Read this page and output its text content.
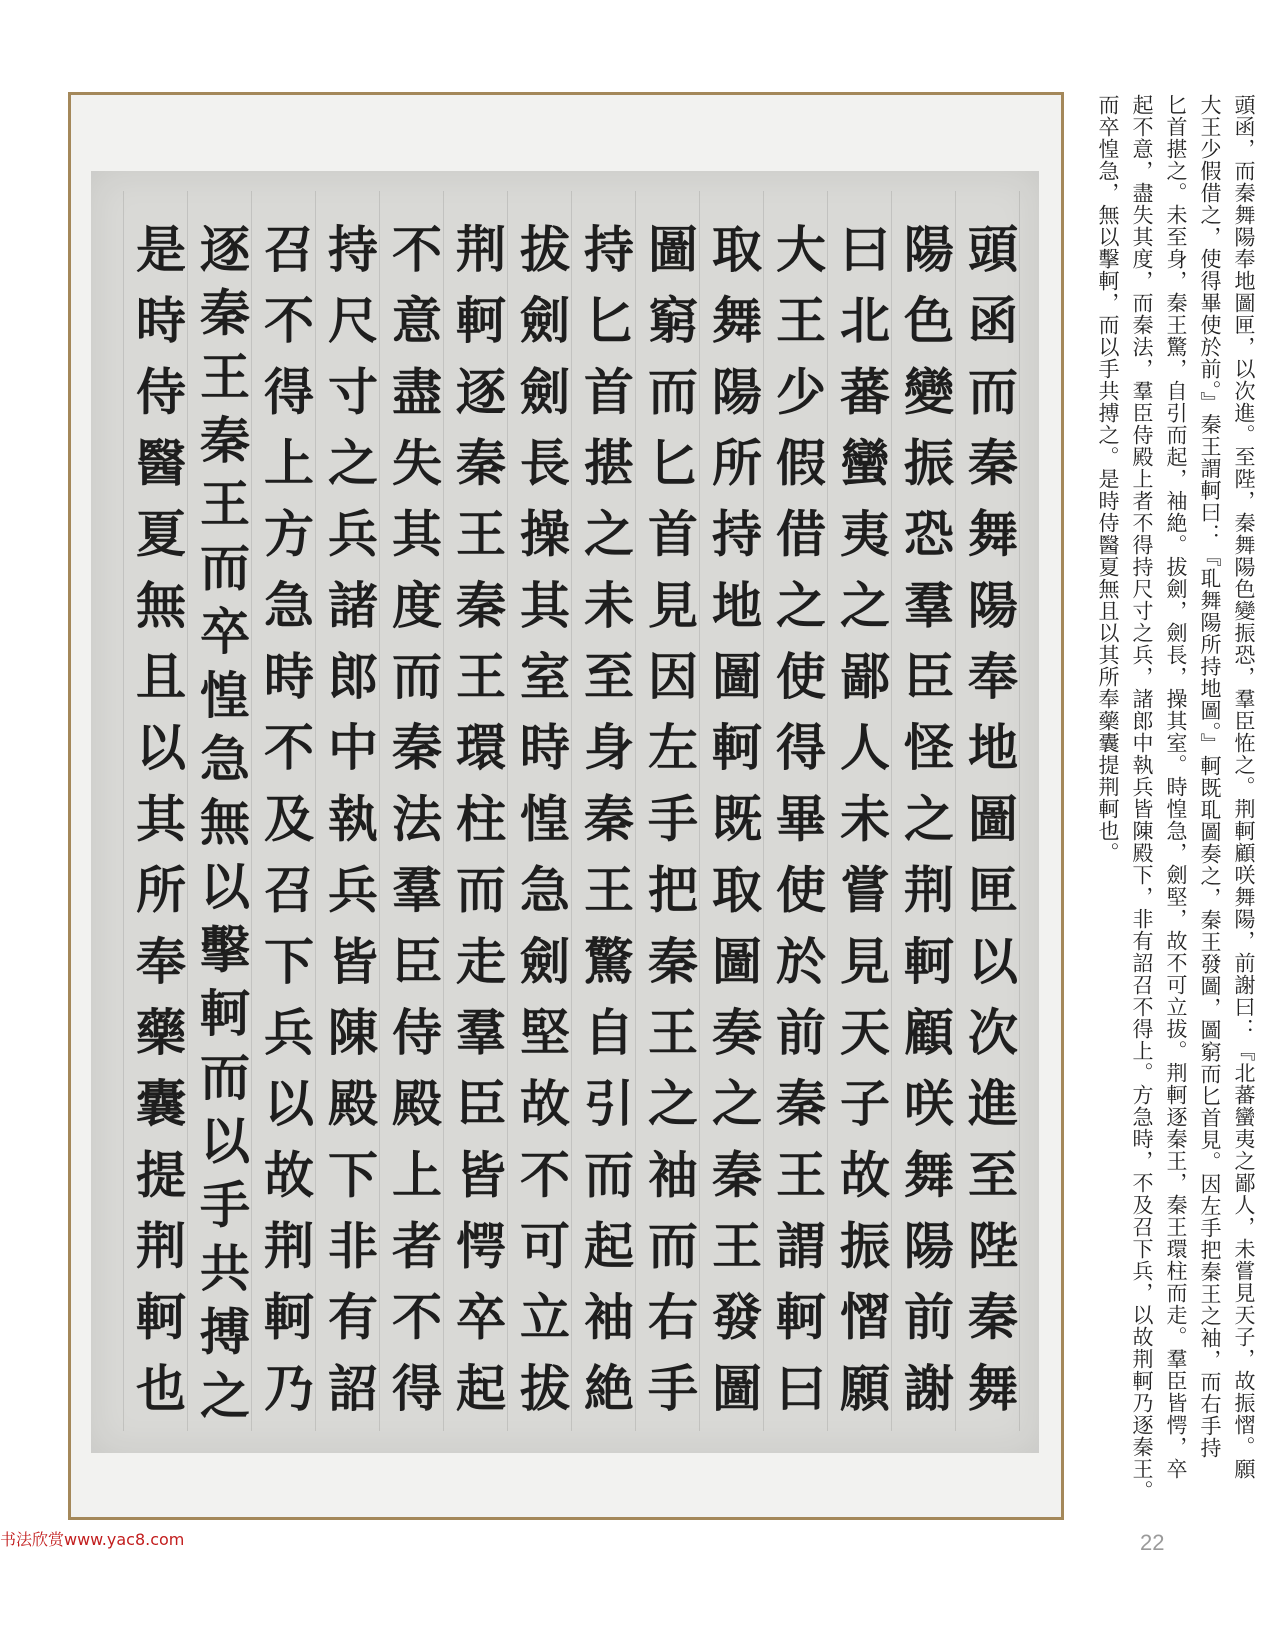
頭函而秦舞陽奉地圖匣以次進至陛秦舞
陽色變振恐羣臣怪之荆軻顧咲舞陽前謝
曰北蕃蠻夷之鄙人未嘗見天子故振慴願
大王少假借之使得畢使於前秦王謂軻曰
取舞陽所持地圖軻既取圖奏之秦王發圖
圖窮而匕首見因左手把秦王之袖而右手
持匕首揕之未至身秦王驚自引而起袖絶
拔劍劍長操其室時惶急劍堅故不可立拔
荆軻逐秦王秦王環柱而走羣臣皆愕卒起
不意盡失其度而秦法羣臣侍殿上者不得
持尺寸之兵諸郎中執兵皆陳殿下非有詔
召不得上方急時不及召下兵以故荆軻乃
逐秦王秦王而卒惶急無以擊軻而以手共搏之
是時侍醫夏無且以其所奉藥囊提荆軻也	頭函，而秦舞陽奉地圖匣，以次進。至陛，秦舞陽色變振恐，羣臣恠之。荆軻顧咲舞陽，前謝曰：『北蕃蠻夷之鄙人，未嘗見天子，故振慴。願
大王少假借之，使得畢使於前。』秦王謂軻曰：『耴舞陽所持地圖。』軻既耴圖奏之，秦王發圖，圖窮而匕首見。因左手把秦王之袖，而右手持
匕首揕之。未至身，秦王驚，自引而起，袖絶。拔劍，劍長，操其室。時惶急，劍堅，故不可立拔。荆軻逐秦王，秦王環柱而走。羣臣皆愕，卒
起不意，盡失其度，而秦法，羣臣侍殿上者不得持尺寸之兵，諸郎中執兵皆陳殿下，非有詔召不得上。方急時，不及召下兵，以故荆軻乃逐秦王。
而卒惶急，無以擊軻，而以手共搏之。是時侍醫夏無且以其所奉藥囊提荆軻也。
书法欣赏www.yac8.com	22
